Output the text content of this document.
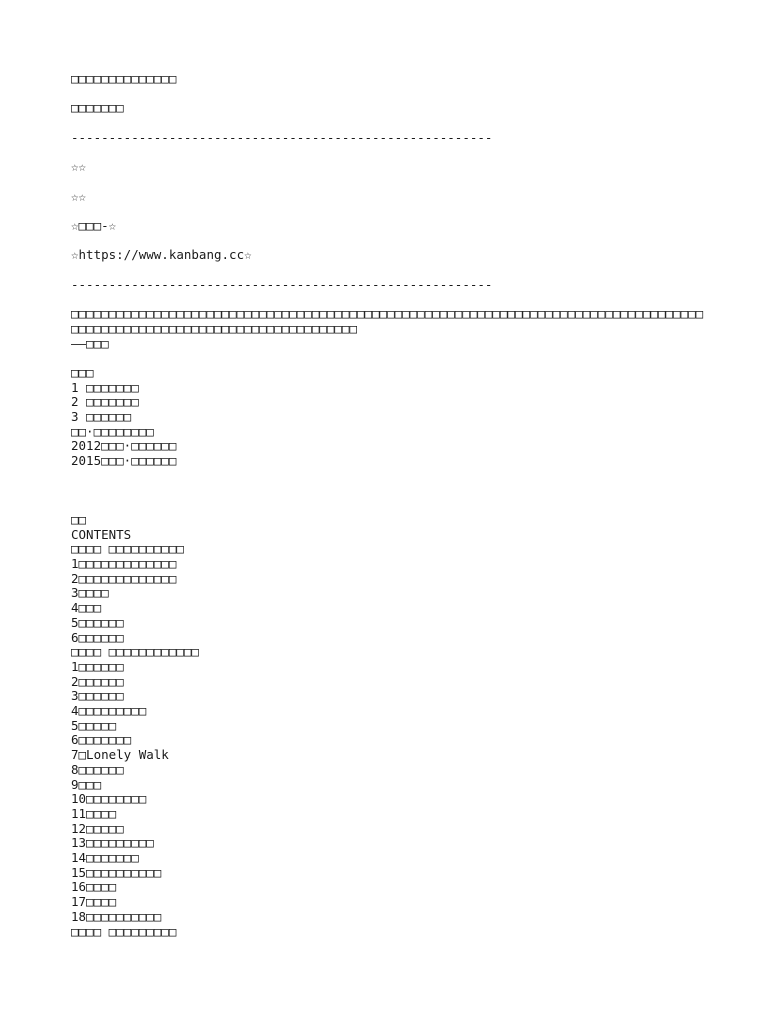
□□□□□□□□□□□□□□
□□□□□□□
--------------------------------------------------------
☆☆
☆☆
☆□□□-☆
☆https://www.kanbang.cc☆
--------------------------------------------------------
□□□□□□□□□□□□□□□□□□□□□□□□□□□□□□□□□□□□□□□□□□□□□□□□□□□□□□□□□□□□□□□□□□□□□□□□□□□□□□□□□□□□
□□□□□□□□□□□□□□□□□□□□□□□□□□□□□□□□□□□□□□
——□□□
□□□
1 □□□□□□□
2 □□□□□□□
3 □□□□□□
□□·□□□□□□□□
2012□□□·□□□□□□
2015□□□·□□□□□□
□□
CONTENTS
□□□□ □□□□□□□□□□
1□□□□□□□□□□□□□
2□□□□□□□□□□□□□
3□□□□
4□□□
5□□□□□□
6□□□□□□
□□□□ □□□□□□□□□□□□
1□□□□□□
2□□□□□□
3□□□□□□
4□□□□□□□□□
5□□□□□
6□□□□□□□
7□Lonely Walk
8□□□□□□
9□□□
10□□□□□□□□
11□□□□
12□□□□□
13□□□□□□□□□
14□□□□□□□
15□□□□□□□□□□
16□□□□
17□□□□
18□□□□□□□□□□
□□□□ □□□□□□□□□
